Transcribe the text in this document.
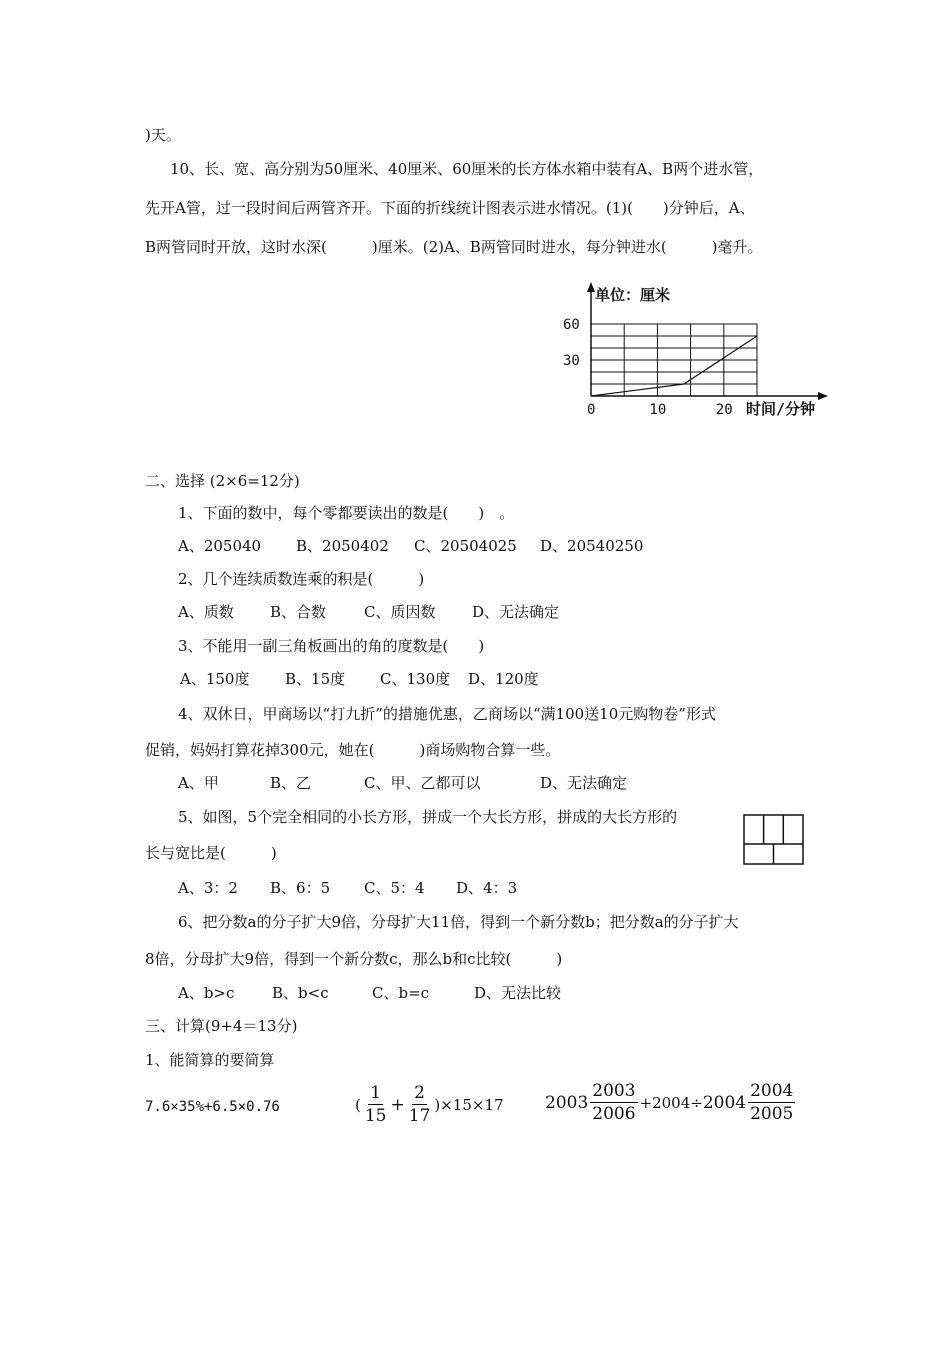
)天。
10、长、宽、高分别为50厘米、40厘米、60厘米的长方体水箱中装有A、B两个进水管，
先开A管，过一段时间后两管齐开。下面的折线统计图表示进水情况。(1)(　　)分钟后，A、
B两管同时开放，这时水深(　　　)厘米。(2)A、B两管同时进水，每分钟进水(　　　)毫升。
单位：厘米
0	10	20
30
60
时间/分钟
二、选择 (2×6=12分)
1、下面的数中，每个零都要读出的数是(　　)　。
A、205040 B、2050402 C、20504025 D、20540250
2、几个连续质数连乘的积是(　　　)
A、质数 B、合数	C、质因数 D、无法确定
3、不能用一副三角板画出的角的度数是(　　)
A、150度 B、15度 C、130度 D、120度
4、双休日，甲商场以“打九折”的措施优惠，乙商场以“满100送10元购物卷”形式
促销，妈妈打算花掉300元，她在(　　　)商场购物合算一些。
A、甲	B、乙	C、甲、乙都可以	D、无法确定
5、如图，5个完全相同的小长方形，拼成一个大长方形，拼成的大长方形的
长与宽比是(　　　)
A、3：2 B、6：5 C、5：4 D、4：3
6、把分数a的分子扩大9倍，分母扩大11倍，得到一个新分数b；把分数a的分子扩大
8倍，分母扩大9倍，得到一个新分数c，那么b和c比较(　　　)
A、b>c	B、b<c	C、b=c	D、无法比较
三、计算(9+4＝13分)
1、能简算的要简算
7.6×35%+6.5×0.76	( $\frac{1}{15} + \frac{2}{17} )\times 15\times 17$ $2003 \frac{2003}{2006} +2004\div 2004 \frac{2004}{2005}$
